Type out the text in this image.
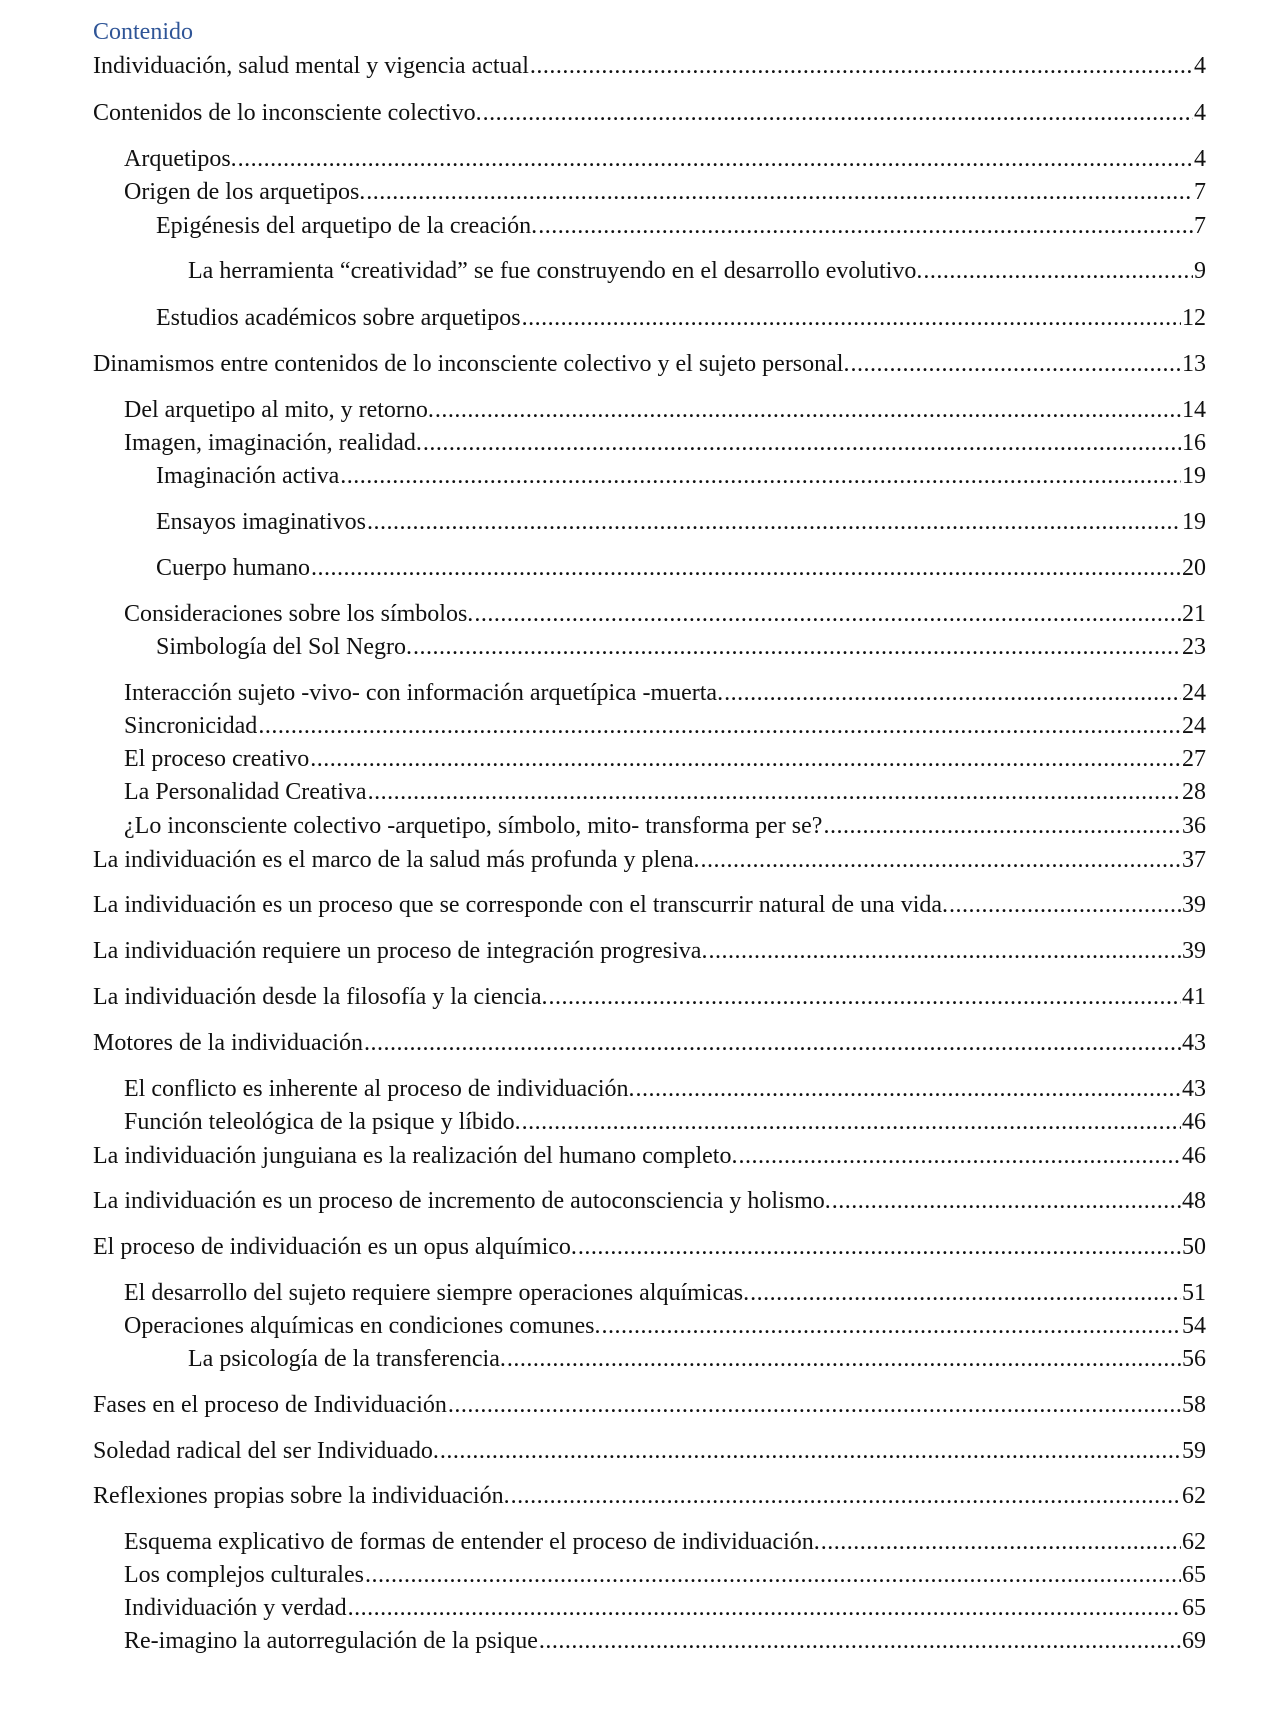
Contenido
Individuación, salud mental y vigencia actual .....	4
Contenidos de lo inconsciente colectivo. .....	4
Arquetipos. .....	4
Origen de los arquetipos. .....	7
Epigénesis del arquetipo de la creación. .....	7
La herramienta “creatividad” se fue construyendo en el desarrollo evolutivo. .....	9
Estudios académicos sobre arquetipos .....	12
Dinamismos entre contenidos de lo inconsciente colectivo y el sujeto personal. .....	13
Del arquetipo al mito, y retorno. .....	14
Imagen, imaginación, realidad. .....	16
Imaginación activa .....	19
Ensayos imaginativos .....	19
Cuerpo humano .....	20
Consideraciones sobre los símbolos. .....	21
Simbología del Sol Negro. .....	23
Interacción sujeto -vivo- con información arquetípica -muerta. .....	24
Sincronicidad .....	24
El proceso creativo .....	27
La Personalidad Creativa .....	28
¿Lo inconsciente colectivo -arquetipo, símbolo, mito- transforma per se? .....	36
La individuación es el marco de la salud más profunda y plena. .....	37
La individuación es un proceso que se corresponde con el transcurrir natural de una vida. .....	39
La individuación requiere un proceso de integración progresiva. .....	39
La individuación desde la filosofía y la ciencia. .....	41
Motores de la individuación .....	43
El conflicto es inherente al proceso de individuación. .....	43
Función teleológica de la psique y líbido. .....	46
La individuación junguiana es la realización del humano completo. .....	46
La individuación es un proceso de incremento de autoconsciencia y holismo. .....	48
El proceso de individuación es un opus alquímico. .....	50
El desarrollo del sujeto requiere siempre operaciones alquímicas. .....	51
Operaciones alquímicas en condiciones comunes. .....	54
La psicología de la transferencia. .....	56
Fases en el proceso de Individuación .....	58
Soledad radical del ser Individuado. .....	59
Reflexiones propias sobre la individuación. .....	62
Esquema explicativo de formas de entender el proceso de individuación. .....	62
Los complejos culturales .....	65
Individuación y verdad .....	65
Re-imagino la autorregulación de la psique .....	69
